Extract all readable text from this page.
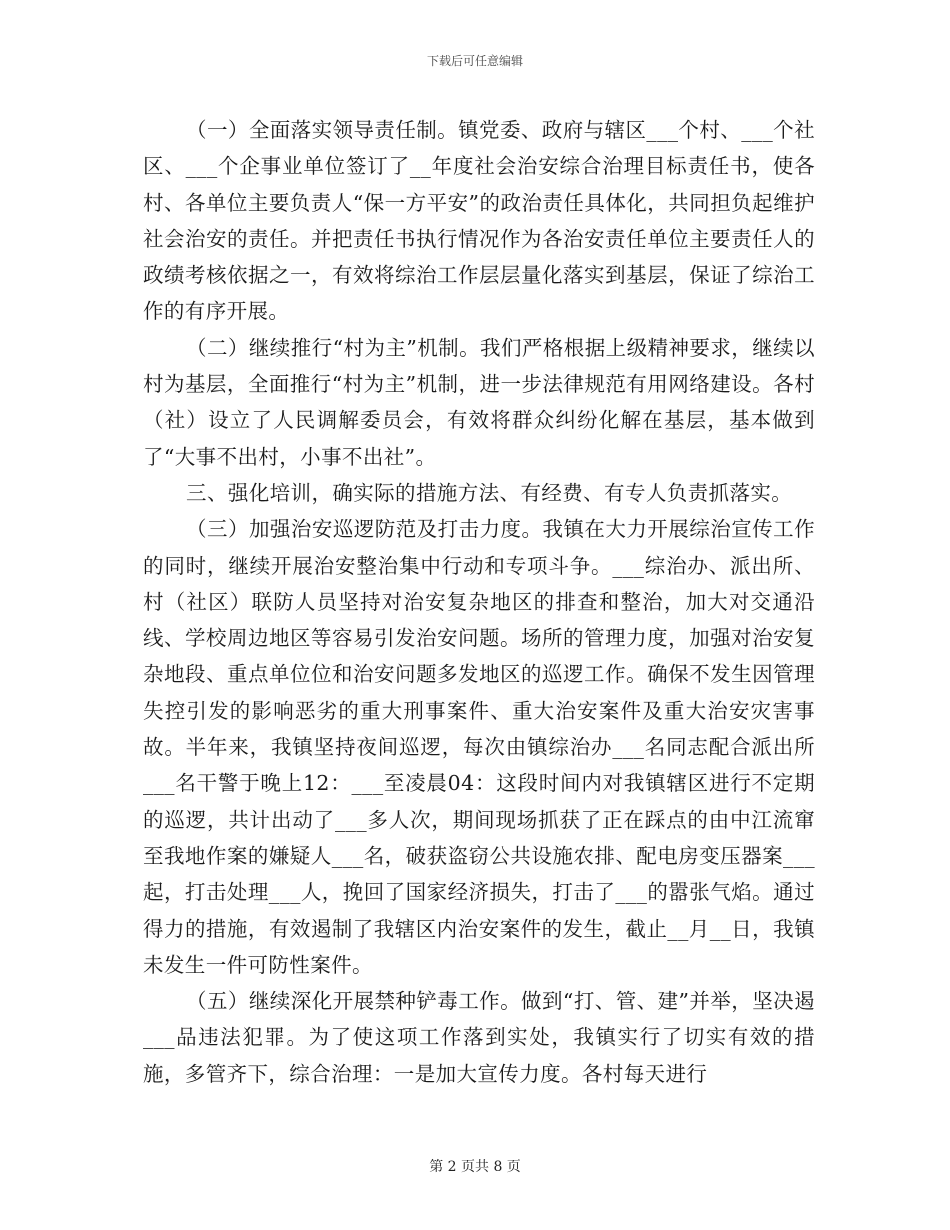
下载后可任意编辑

（一）全面落实领导责任制。镇党委、政府与辖区___个村、___个社区、___个企事业单位签订了__年度社会治安综合治理目标责任书，使各村、各单位主要负责人“保一方平安”的政治责任具体化，共同担负起维护社会治安的责任。并把责任书执行情况作为各治安责任单位主要责任人的政绩考核依据之一，有效将综治工作层层量化落实到基层，保证了综治工作的有序开展。

（二）继续推行“村为主”机制。我们严格根据上级精神要求，继续以村为基层，全面推行“村为主”机制，进一步法律规范有用网络建设。各村（社）设立了人民调解委员会，有效将群众纠纷化解在基层，基本做到了“大事不出村，小事不出社”。

三、强化培训，确实际的措施方法、有经费、有专人负责抓落实。

（三）加强治安巡逻防范及打击力度。我镇在大力开展综治宣传工作的同时，继续开展治安整治集中行动和专项斗争。___综治办、派出所、村（社区）联防人员坚持对治安复杂地区的排查和整治，加大对交通沿线、学校周边地区等容易引发治安问题。场所的管理力度，加强对治安复杂地段、重点单位位和治安问题多发地区的巡逻工作。确保不发生因管理失控引发的影响恶劣的重大刑事案件、重大治安案件及重大治安灾害事故。半年来，我镇坚持夜间巡逻，每次由镇综治办___名同志配合派出所___名干警于晚上12：___至凌晨04：这段时间内对我镇辖区进行不定期的巡逻，共计出动了___多人次，期间现场抓获了正在踩点的由中江流窜至我地作案的嫌疑人___名，破获盗窃公共设施农排、配电房变压器案___起，打击处理___人，挽回了国家经济损失，打击了___的嚣张气焰。通过得力的措施，有效遏制了我辖区内治安案件的发生，截止__月__日，我镇未发生一件可防性案件。

（五）继续深化开展禁种铲毒工作。做到“打、管、建”并举，坚决遏___品违法犯罪。为了使这项工作落到实处，我镇实行了切实有效的措施，多管齐下，综合治理：一是加大宣传力度。各村每天进行

第 2 页共 8 页
